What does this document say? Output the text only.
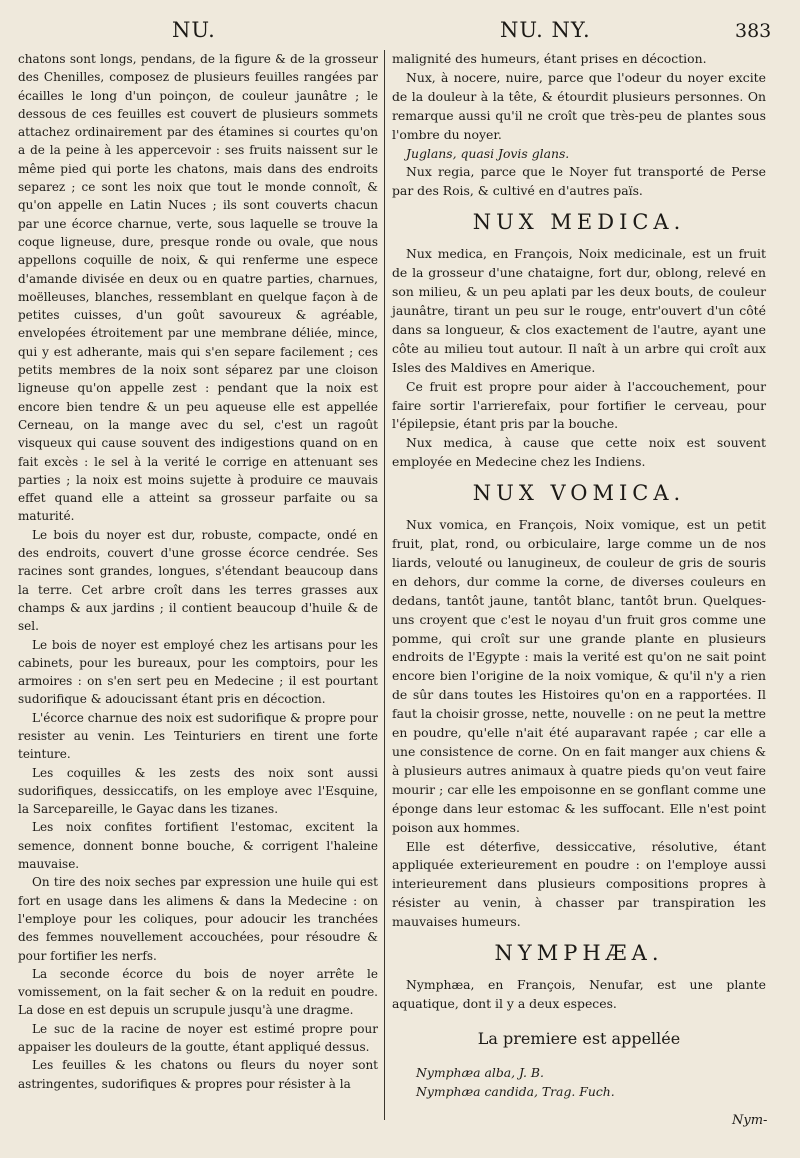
NU.	NU. NY.	383

chatons sont longs, pendans, de la figure & de la grosseur des Chenilles, composez de plusieurs feuilles rangées par écailles le long d'un poinçon, de couleur jaunâtre ; le dessous de ces feuilles est couvert de plusieurs sommets attachez ordinairement par des étamines si courtes qu'on a de la peine à les appercevoir : ses fruits naissent sur le même pied qui porte les chatons, mais dans des endroits separez ; ce sont les noix que tout le monde connoît, & qu'on appelle en Latin Nuces ; ils sont couverts chacun par une écorce charnue, verte, sous laquelle se trouve la coque ligneuse, dure, presque ronde ou ovale, que nous appellons coquille de noix, & qui renferme une espece d'amande divisée en deux ou en quatre parties, charnues, moëlleuses, blanches, ressemblant en quelque façon à de petites cuisses, d'un goût savoureux & agréable, envelopées étroitement par une membrane déliée, mince, qui y est adherante, mais qui s'en separe facilement ; ces petits membres de la noix sont séparez par une cloison ligneuse qu'on appelle zest : pendant que la noix est encore bien tendre & un peu aqueuse elle est appellée Cerneau, on la mange avec du sel, c'est un ragoût visqueux qui cause souvent des indigestions quand on en fait excès : le sel à la verité le corrige en attenuant ses parties ; la noix est moins sujette à produire ce mauvais effet quand elle a atteint sa grosseur parfaite ou sa maturité.

Le bois du noyer est dur, robuste, compacte, ondé en des endroits, couvert d'une grosse écorce cendrée. Ses racines sont grandes, longues, s'étendant beaucoup dans la terre. Cet arbre croît dans les terres grasses aux champs & aux jardins ; il contient beaucoup d'huile & de sel.

Le bois de noyer est employé chez les artisans pour les cabinets, pour les bureaux, pour les comptoirs, pour les armoires : on s'en sert peu en Medecine ; il est pourtant sudorifique & adoucissant étant pris en décoction.

L'écorce charnue des noix est sudorifique & propre pour resister au venin. Les Teinturiers en tirent une forte teinture.

Les coquilles & les zests des noix sont aussi sudorifiques, dessiccatifs, on les employe avec l'Esquine, la Sarcepareille, le Gayac dans les tizanes.

Les noix confites fortifient l'estomac, excitent la semence, donnent bonne bouche, & corrigent l'haleine mauvaise.

On tire des noix seches par expression une huile qui est fort en usage dans les alimens & dans la Medecine : on l'employe pour les coliques, pour adoucir les tranchées des femmes nouvellement accouchées, pour résoudre & pour fortifier les nerfs.

La seconde écorce du bois de noyer arrête le vomissement, on la fait secher & on la reduit en poudre. La dose en est depuis un scrupule jusqu'à une dragme.

Le suc de la racine de noyer est estimé propre pour appaiser les douleurs de la goutte, étant appliqué dessus.

Les feuilles & les chatons ou fleurs du noyer sont astringentes, sudorifiques & propres pour résister à la

malignité des humeurs, étant prises en décoction.

Nux, à nocere, nuire, parce que l'odeur du noyer excite de la douleur à la tête, & étourdit plusieurs personnes. On remarque aussi qu'il ne croît que très-peu de plantes sous l'ombre du noyer.

Juglans, quasi Jovis glans.

Nux regia, parce que le Noyer fut transporté de Perse par des Rois, & cultivé en d'autres païs.

NUX MEDICA.

Nux medica, en François, Noix medicinale, est un fruit de la grosseur d'une chataigne, fort dur, oblong, relevé en son milieu, & un peu aplati par les deux bouts, de couleur jaunâtre, tirant un peu sur le rouge, entr'ouvert d'un côté dans sa longueur, & clos exactement de l'autre, ayant une côte au milieu tout autour. Il naît à un arbre qui croît aux Isles des Maldives en Amerique.

Ce fruit est propre pour aider à l'accouchement, pour faire sortir l'arrierefaix, pour fortifier le cerveau, pour l'épilepsie, étant pris par la bouche.

Nux medica, à cause que cette noix est souvent employée en Medecine chez les Indiens.

NUX VOMICA.

Nux vomica, en François, Noix vomique, est un petit fruit, plat, rond, ou orbiculaire, large comme un de nos liards, velouté ou lanugineux, de couleur de gris de souris en dehors, dur comme la corne, de diverses couleurs en dedans, tantôt jaune, tantôt blanc, tantôt brun. Quelques-uns croyent que c'est le noyau d'un fruit gros comme une pomme, qui croît sur une grande plante en plusieurs endroits de l'Egypte : mais la verité est qu'on ne sait point encore bien l'origine de la noix vomique, & qu'il n'y a rien de sûr dans toutes les Histoires qu'on en a rapportées. Il faut la choisir grosse, nette, nouvelle : on ne peut la mettre en poudre, qu'elle n'ait été auparavant rapée ; car elle a une consistence de corne. On en fait manger aux chiens & à plusieurs autres animaux à quatre pieds qu'on veut faire mourir ; car elle les empoisonne en se gonflant comme une éponge dans leur estomac & les suffocant. Elle n'est point poison aux hommes.

Elle est déterfive, dessiccative, résolutive, étant appliquée exterieurement en poudre : on l'employe aussi interieurement dans plusieurs compositions propres à résister au venin, à chasser par transpiration les mauvaises humeurs.

NYMPHÆA.

Nymphæa, en François, Nenufar, est une plante aquatique, dont il y a deux especes.

La premiere est appellée
Nymphæa alba, J. B.
Nymphæa candida, Trag. Fuch.
Nym-
